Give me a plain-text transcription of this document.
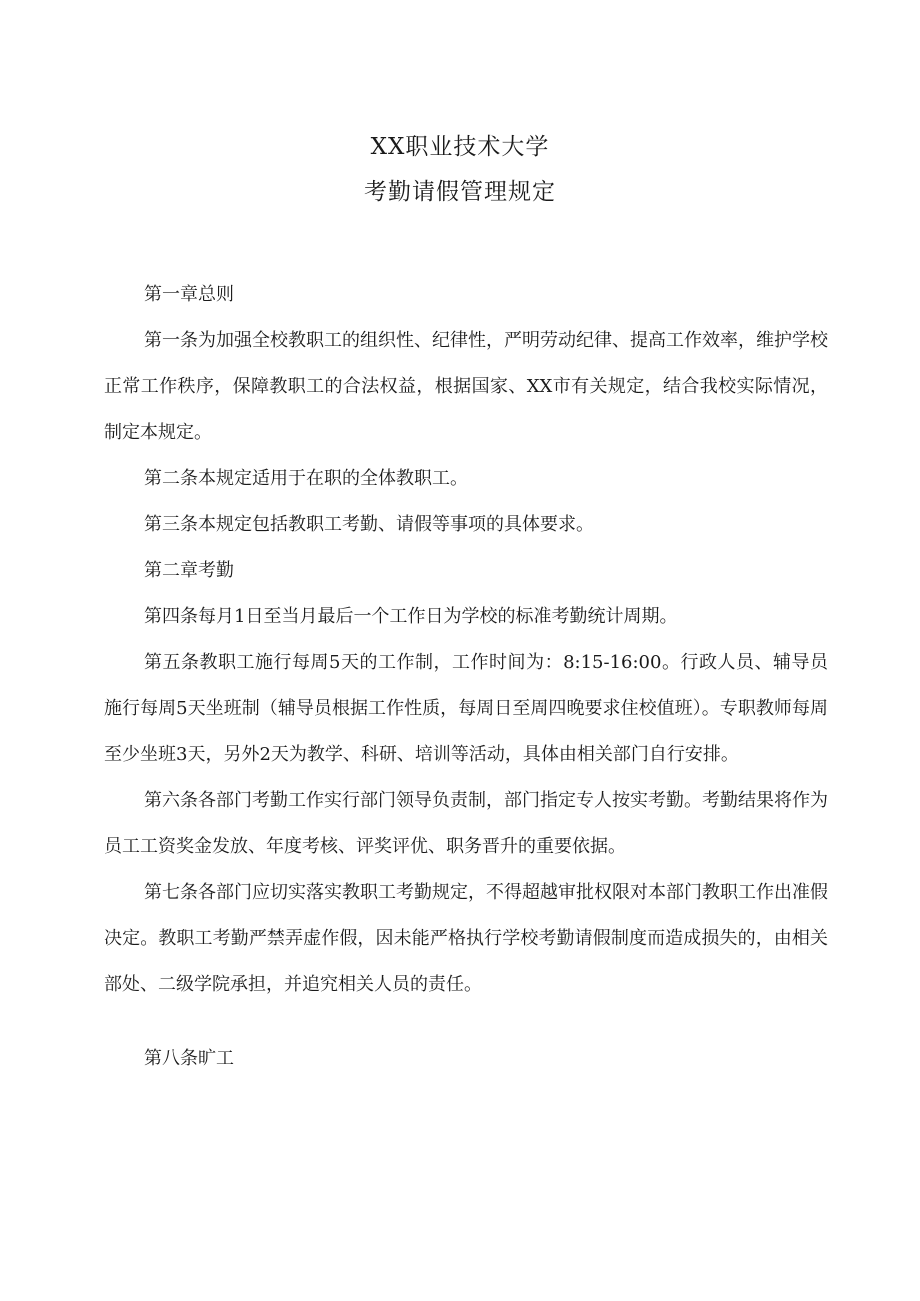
XX职业技术大学
考勤请假管理规定

第一章总则

第一条为加强全校教职工的组织性、纪律性，严明劳动纪律、提高工作效率，维护学校正常工作秩序，保障教职工的合法权益，根据国家、XX市有关规定，结合我校实际情况，制定本规定。

第二条本规定适用于在职的全体教职工。

第三条本规定包括教职工考勤、请假等事项的具体要求。

第二章考勤

第四条每月1日至当月最后一个工作日为学校的标准考勤统计周期。

第五条教职工施行每周5天的工作制，工作时间为：8:15-16:00。行政人员、辅导员施行每周5天坐班制（辅导员根据工作性质，每周日至周四晚要求住校值班）。专职教师每周至少坐班3天，另外2天为教学、科研、培训等活动，具体由相关部门自行安排。

第六条各部门考勤工作实行部门领导负责制，部门指定专人按实考勤。考勤结果将作为员工工资奖金发放、年度考核、评奖评优、职务晋升的重要依据。

第七条各部门应切实落实教职工考勤规定，不得超越审批权限对本部门教职工作出准假决定。教职工考勤严禁弄虚作假，因未能严格执行学校考勤请假制度而造成损失的，由相关部处、二级学院承担，并追究相关人员的责任。

第八条旷工
